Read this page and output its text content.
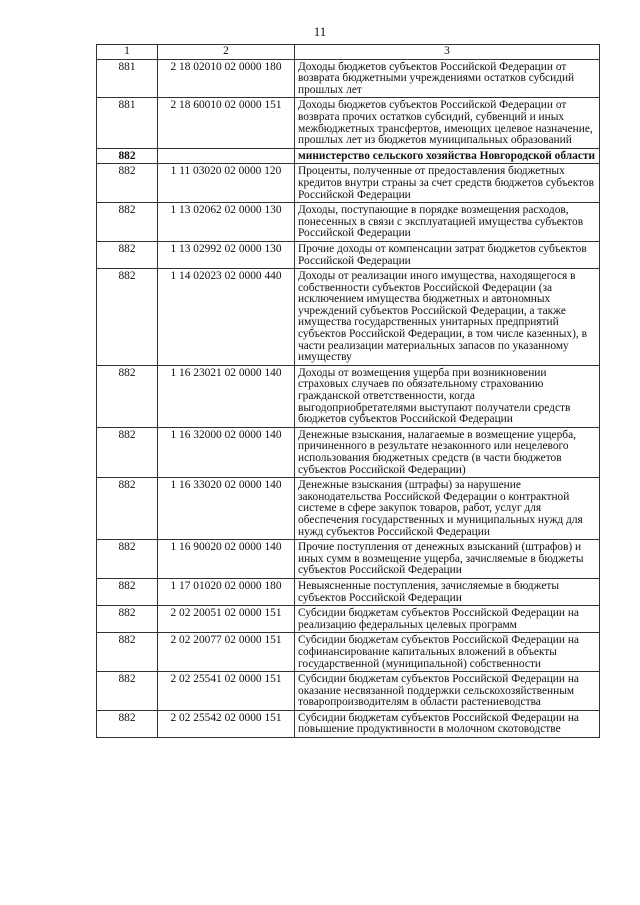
11
1	2	3
881	2 18 02010 02 0000 180	Доходы бюджетов субъектов Российской Федерации от возврата бюджетными учреждениями остатков субсидий прошлых лет
881	2 18 60010 02 0000 151	Доходы бюджетов субъектов Российской Федерации от возврата прочих остатков субсидий, субвенций и иных межбюджетных трансфертов, имеющих целевое назначение, прошлых лет из бюджетов муниципальных образований
882		министерство сельского хозяйства Новгородской области
882	1 11 03020 02 0000 120	Проценты, полученные от предоставления бюджетных кредитов внутри страны за счет средств бюджетов субъектов Российской Федерации
882	1 13 02062 02 0000 130	Доходы, поступающие в порядке возмещения расходов, понесенных в связи с эксплуатацией имущества субъектов Российской Федерации
882	1 13 02992 02 0000 130	Прочие доходы от компенсации затрат бюджетов субъектов Российской Федерации
882	1 14 02023 02 0000 440	Доходы от реализации иного имущества, находящегося в собственности субъектов Российской Федерации (за исключением имущества бюджетных и автономных учреждений субъектов Российской Федерации, а также имущества государственных унитарных предприятий субъектов Российской Федерации, в том числе казенных), в части реализации материальных запасов по указанному имуществу
882	1 16 23021 02 0000 140	Доходы от возмещения ущерба при возникновении страховых случаев по обязательному страхованию гражданской ответственности, когда выгодоприобретателями выступают получатели средств бюджетов субъектов Российской Федерации
882	1 16 32000 02 0000 140	Денежные взыскания, налагаемые в возмещение ущерба, причиненного в результате незаконного или нецелевого использования бюджетных средств (в части бюджетов субъектов Российской Федерации)
882	1 16 33020 02 0000 140	Денежные взыскания (штрафы) за нарушение законодательства Российской Федерации о контрактной системе в сфере закупок товаров, работ, услуг для обеспечения государственных и муниципальных нужд для нужд субъектов Российской Федерации
882	1 16 90020 02 0000 140	Прочие поступления от денежных взысканий (штрафов) и иных сумм в возмещение ущерба, зачисляемые в бюджеты субъектов Российской Федерации
882	1 17 01020 02 0000 180	Невыясненные поступления, зачисляемые в бюджеты субъектов Российской Федерации
882	2 02 20051 02 0000 151	Субсидии бюджетам субъектов Российской Федерации на реализацию федеральных целевых программ
882	2 02 20077 02 0000 151	Субсидии бюджетам субъектов Российской Федерации на софинансирование капитальных вложений в объекты государственной (муниципальной) собственности
882	2 02 25541 02 0000 151	Субсидии бюджетам субъектов Российской Федерации на оказание несвязанной поддержки сельскохозяйственным товаропроизводителям в области растениеводства
882	2 02 25542 02 0000 151	Субсидии бюджетам субъектов Российской Федерации на повышение продуктивности в молочном скотоводстве
